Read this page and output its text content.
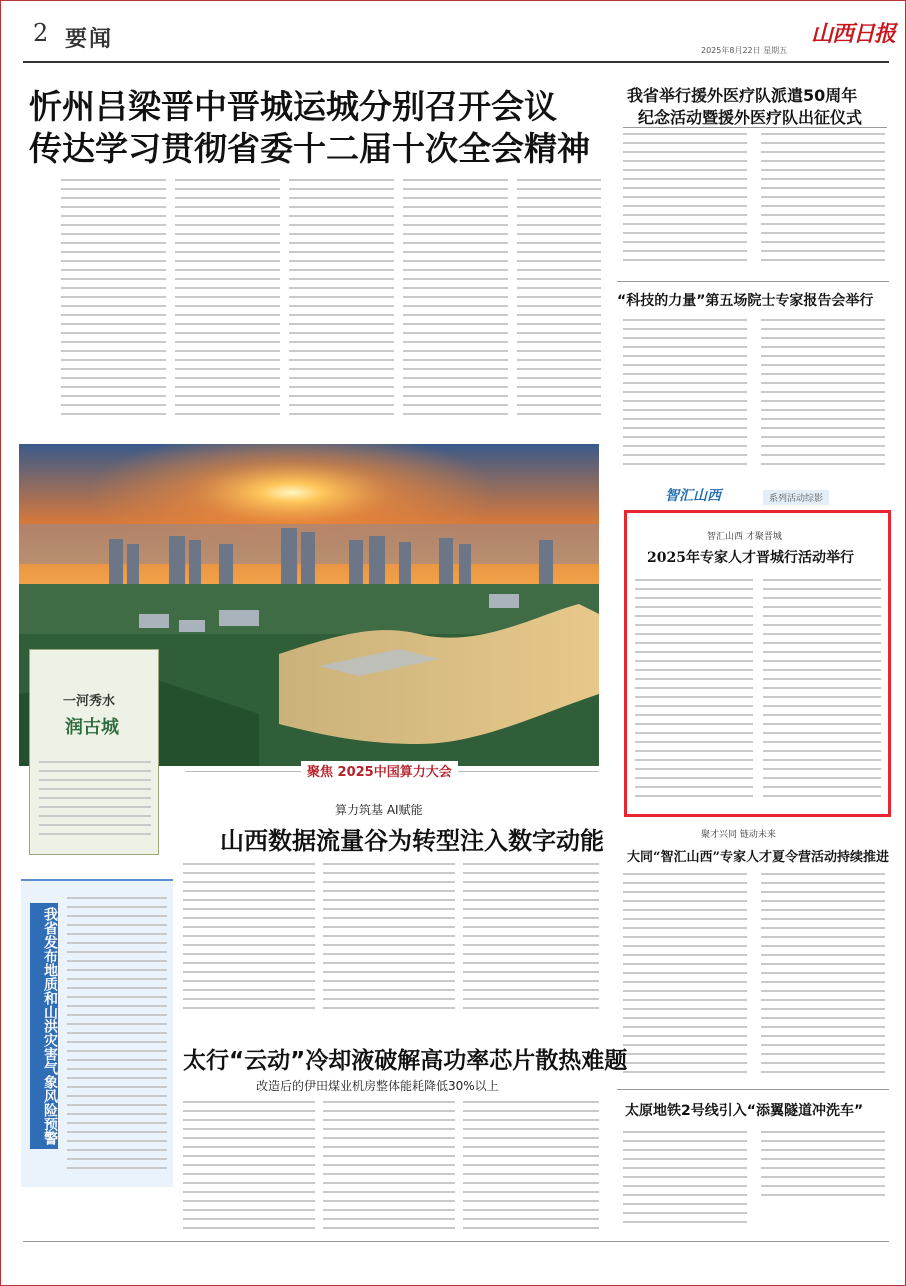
2 要闻	2025年8月22日 星期五
山西日报
忻州吕梁晋中晋城运城分别召开会议
传达学习贯彻省委十二届十次全会精神
我省举行援外医疗队派遣50周年
纪念活动暨援外医疗队出征仪式
“科技的力量”第五场院士专家报告会举行
智汇山西	系列活动综影
智汇山西 才聚晋城
2025年专家人才晋城行活动举行
聚才兴同 链动未来
大同“智汇山西”专家人才夏令营活动持续推进
太原地铁2号线引入“添翼隧道冲洗车”
一河秀水
润古城
聚焦 2025中国算力大会
算力筑基 AI赋能
山西数据流量谷为转型注入数字动能
我省发布地质和山洪灾害气象风险预警	太行“云动”冷却液破解高功率芯片散热难题
改造后的伊田煤业机房整体能耗降低30%以上
